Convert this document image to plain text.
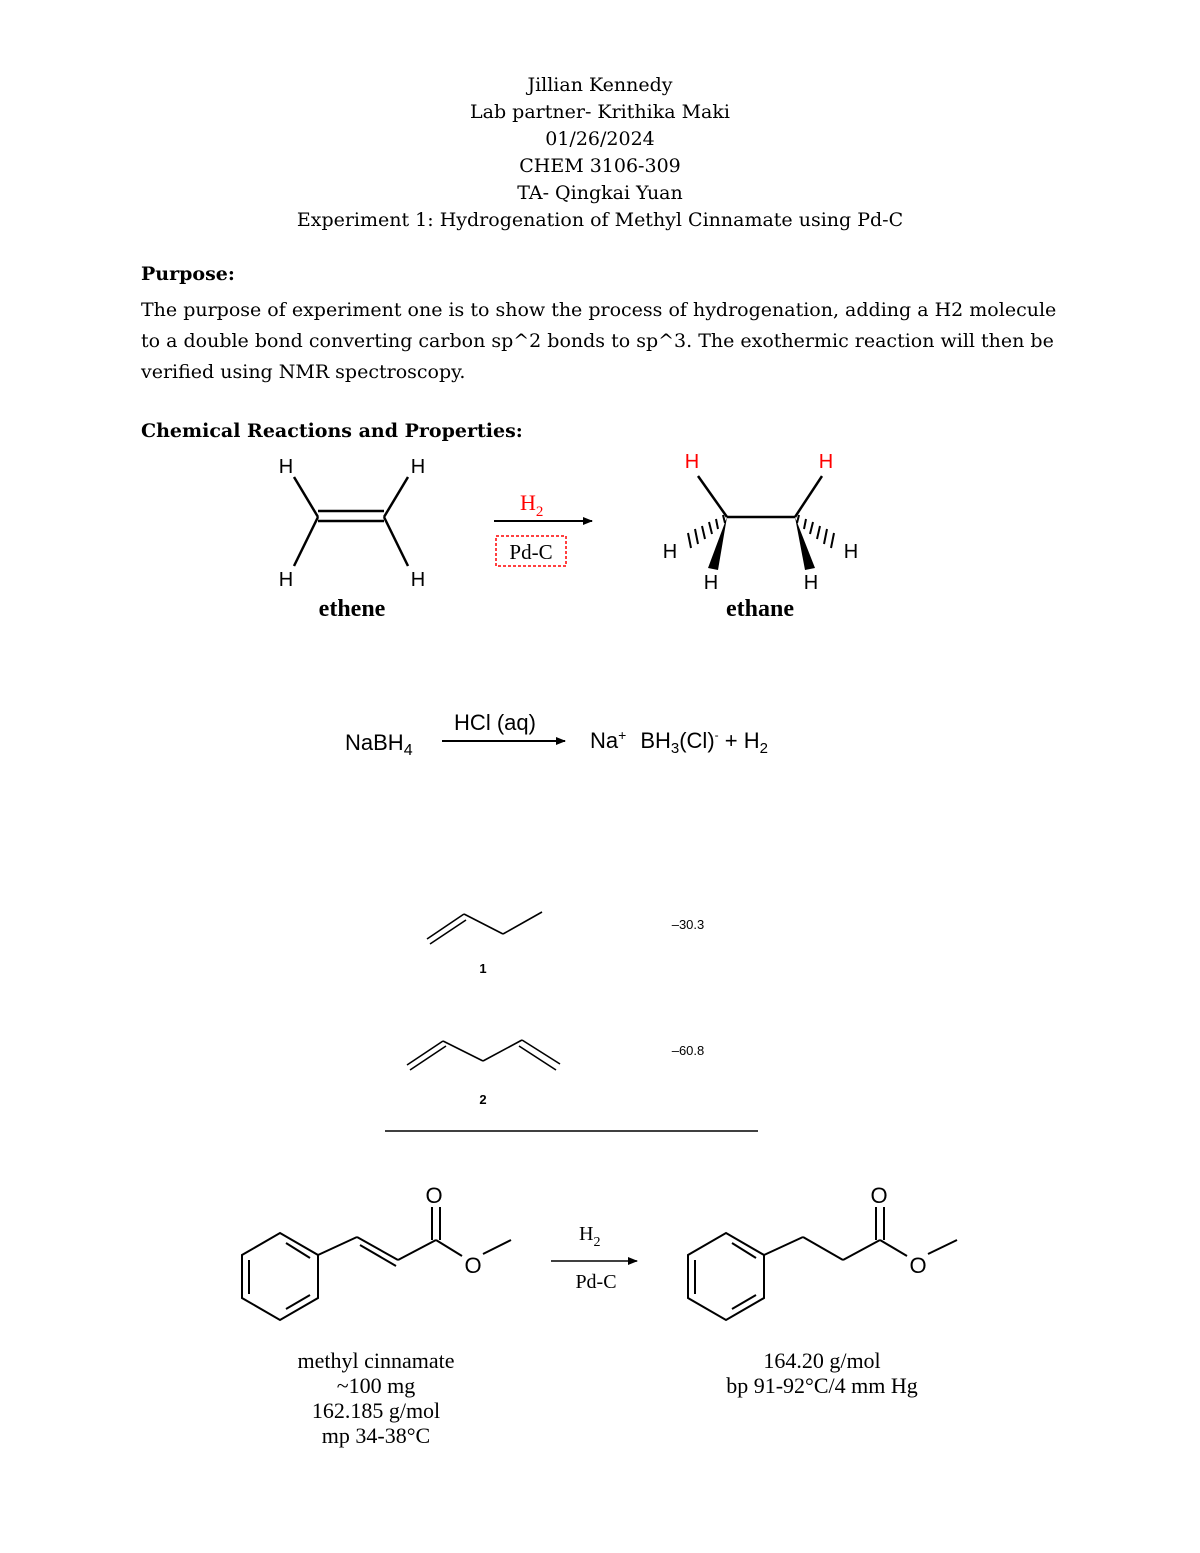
Jillian Kennedy
Lab partner- Krithika Maki
01/26/2024
CHEM 3106-309
TA- Qingkai Yuan
Experiment 1: Hydrogenation of Methyl Cinnamate using Pd-C
Purpose:
The purpose of experiment one is to show the process of hydrogenation, adding a H2 molecule to a double bond converting carbon sp^2 bonds to sp^3. The exothermic reaction will then be verified using NMR spectroscopy.
Chemical Reactions and Properties:
H	H
H	H
ethene
$H_2$
Pd-C
H	H
H	H
H	H
ethane
NaBH$_4$
HCl (aq)
Na+ $BH_3(Cl)^- + H_2$
1
–30.3
2
–60.8
O
O
$H_2$
Pd-C
O
O
methyl cinnamate
~100 mg
162.185 g/mol
mp 34-38°C
164.20 g/mol
bp 91-92°C/4 mm Hg
